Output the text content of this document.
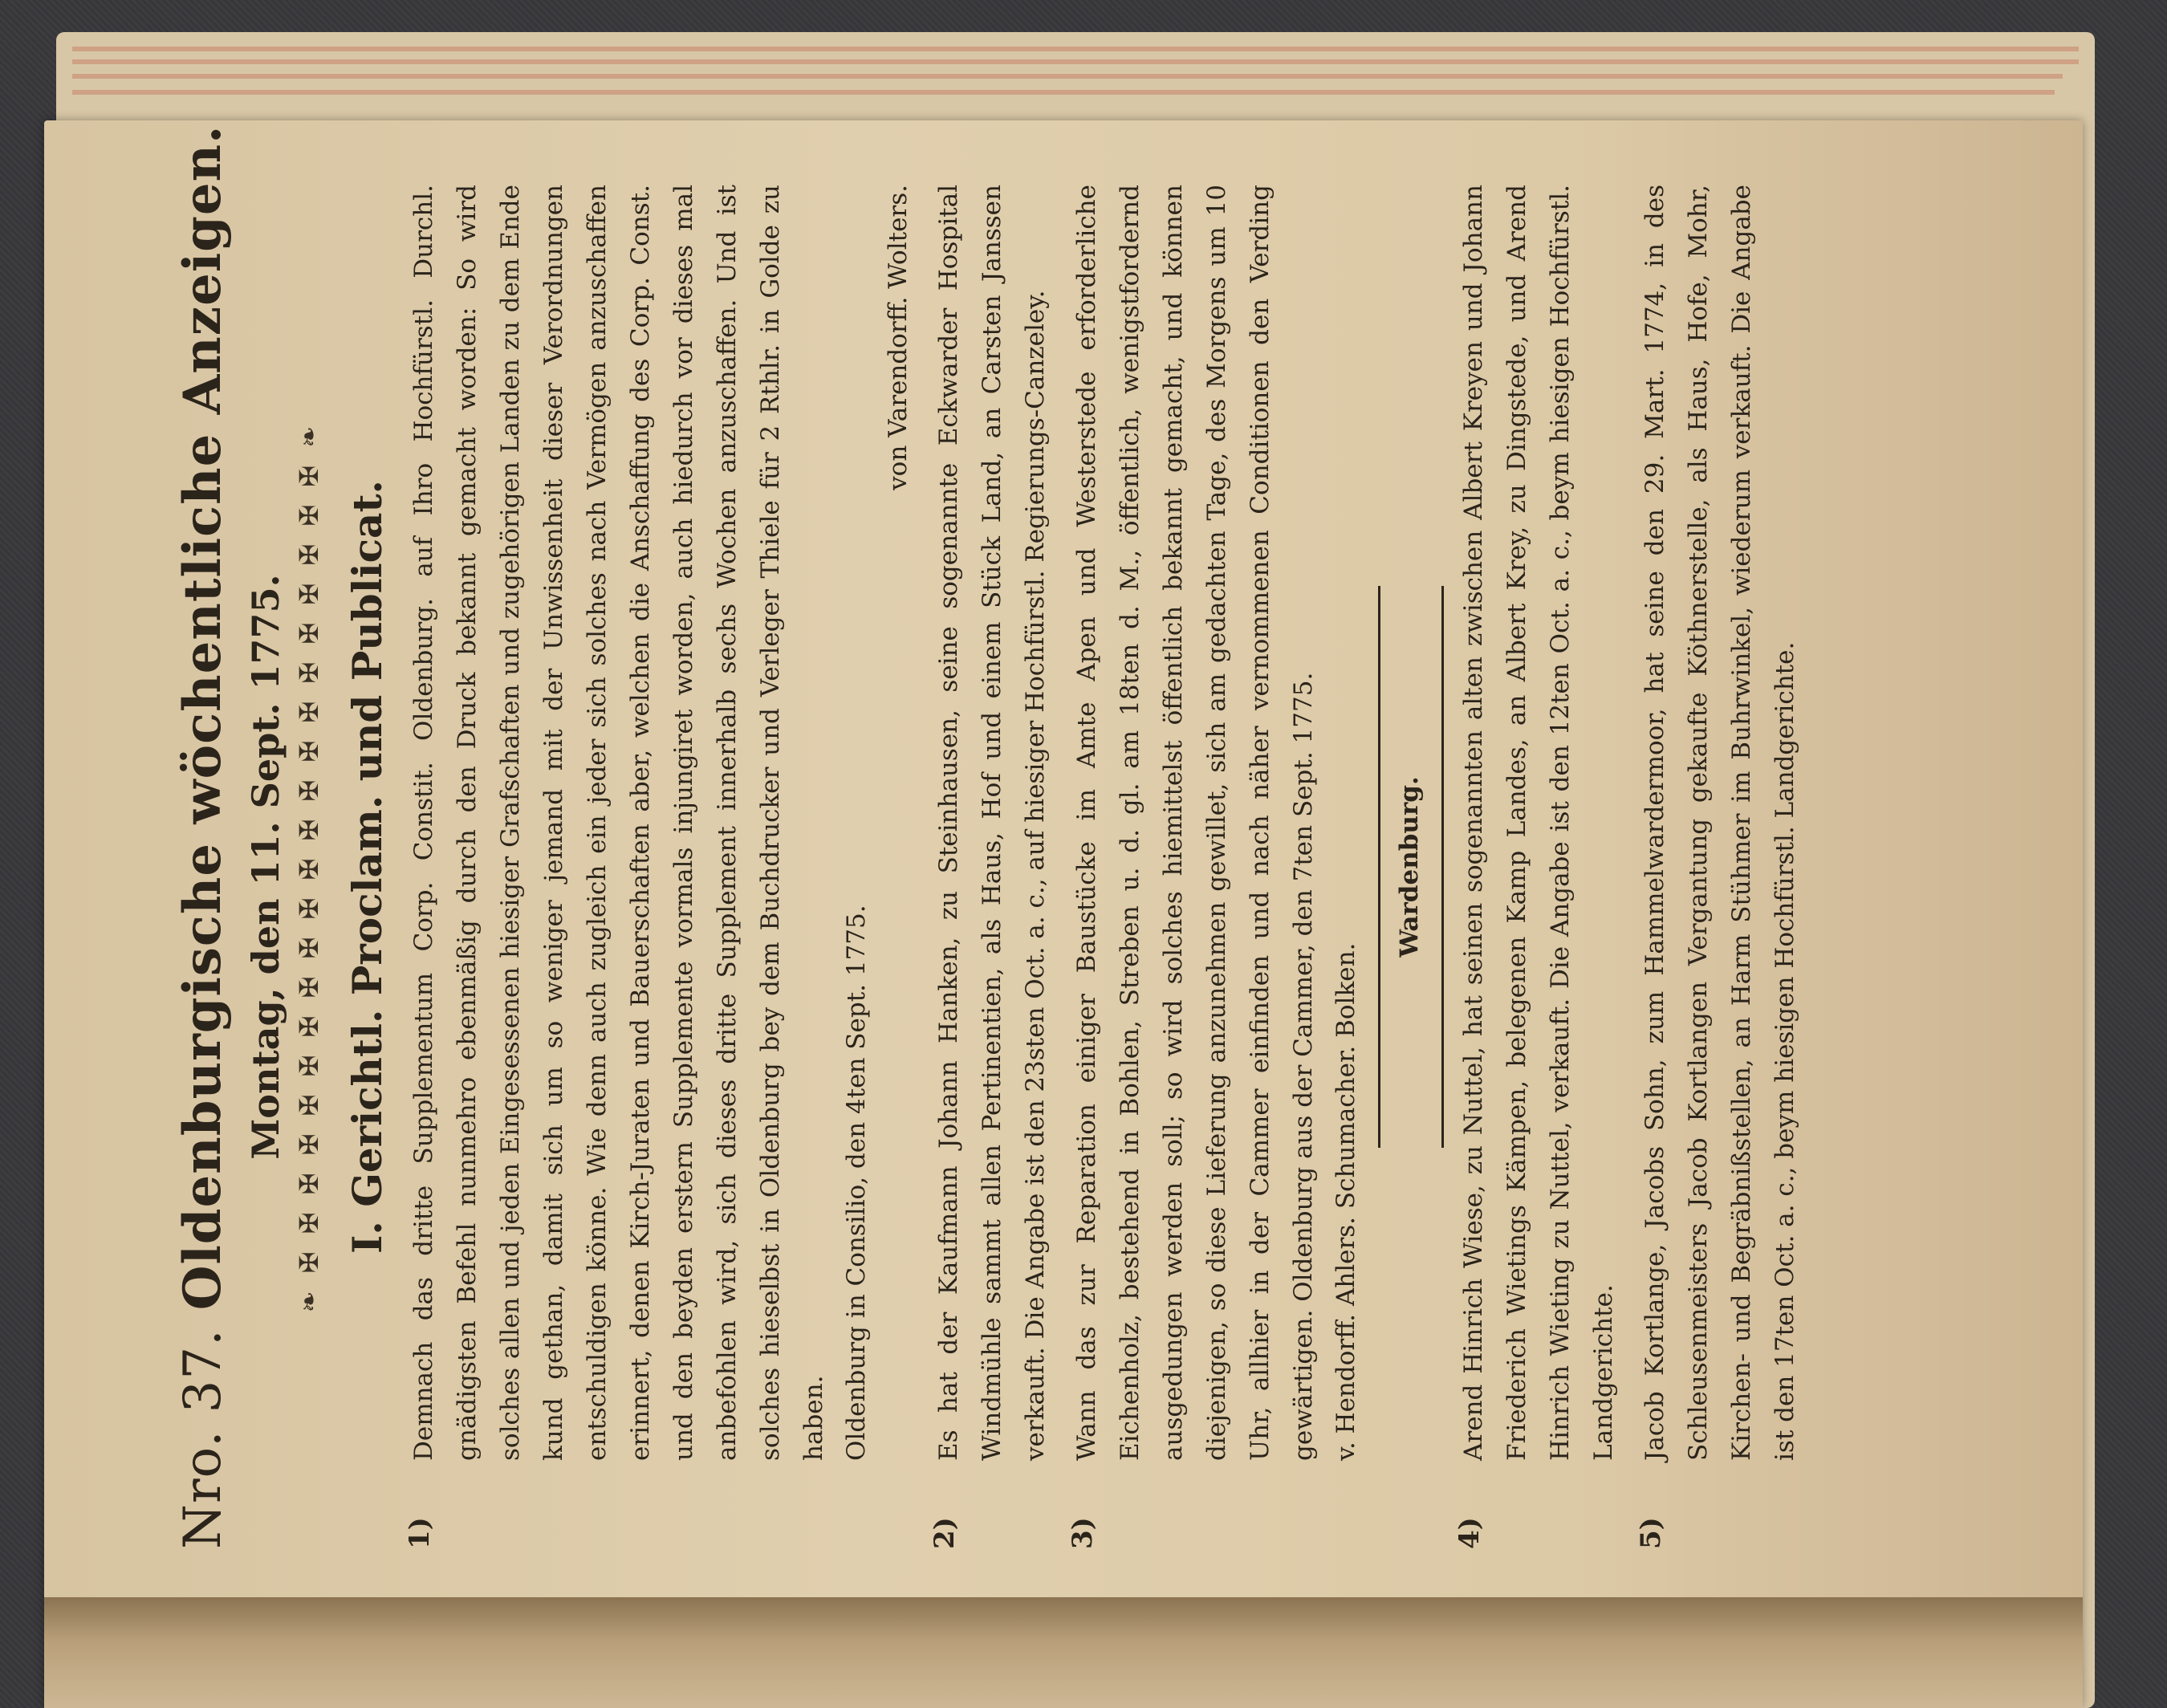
Nro. 37. Oldenburgische wöchentliche Anzeigen. Montag, den 11. Sept. 1775. ❧ ✠ ✠ ✠ ✠ ✠ ✠ ✠ ✠ ✠ ✠ ✠ ✠ ✠ ✠ ✠ ✠ ✠ ✠ ✠ ✠ ✠ ❧ I. Gerichtl. Proclam. und Publicat.
1)
Demnach das dritte Supplementum Corp. Constit. Oldenburg. auf Ihro Hochfürstl. Durchl. gnädigsten Befehl nunmehro ebenmäßig durch den Druck bekannt gemacht worden: So wird solches allen und jeden Eingesessenen hiesiger Grafschaften und zugehörigen Landen zu dem Ende kund gethan, damit sich um so weniger jemand mit der Unwissenheit dieser Verordnungen entschuldigen könne. Wie denn auch zugleich ein jeder sich solches nach Vermögen anzuschaffen erinnert, denen Kirch-Juraten und Bauerschaften aber, welchen die Anschaffung des Corp. Const. und den beyden erstern Supplemente vormals injungiret worden, auch hiedurch vor dieses mal anbefohlen wird, sich dieses dritte Supplement innerhalb sechs Wochen anzuschaffen. Und ist solches hieselbst in Oldenburg bey dem Buchdrucker und Verleger Thiele für 2 Rthlr. in Golde zu haben. Oldenburg in Consilio, den 4ten Sept. 1775.
von Varendorff. Wolters.
2)
Es hat der Kaufmann Johann Hanken, zu Steinhausen, seine sogenannte Eckwarder Hospital Windmühle sammt allen Pertinentien, als Haus, Hof und einem Stück Land, an Carsten Janssen verkauft. Die Angabe ist den 23sten Oct. a. c., auf hiesiger Hochfürstl. Regierungs-Canzeley.
3)
Wann das zur Reparation einiger Baustücke im Amte Apen und Westerstede erforderliche Eichenholz, bestehend in Bohlen, Streben u. d. gl. am 18ten d. M., öffentlich, wenigstfordernd ausgedungen werden soll; so wird solches hiemittelst öffentlich bekannt gemacht, und können diejenigen, so diese Lieferung anzunehmen gewillet, sich am gedachten Tage, des Morgens um 10 Uhr, allhier in der Cammer einfinden und nach näher vernommenen Conditionen den Verding gewärtigen. Oldenburg aus der Cammer, den 7ten Sept. 1775. v. Hendorff. Ahlers. Schumacher. Bolken.
Wardenburg.
4)
Arend Hinrich Wiese, zu Nuttel, hat seinen sogenannten alten zwischen Albert Kreyen und Johann Friederich Wietings Kämpen, belegenen Kamp Landes, an Albert Krey, zu Dingstede, und Arend Hinrich Wieting zu Nuttel, verkauft. Die Angabe ist den 12ten Oct. a. c., beym hiesigen Hochfürstl. Landgerichte.
5)
Jacob Kortlange, Jacobs Sohn, zum Hammelwardermoor, hat seine den 29. Mart. 1774, in des Schleusenmeisters Jacob Kortlangen Vergantung gekaufte Köthnerstelle, als Haus, Hofe, Mohr, Kirchen- und Begräbnißstellen, an Harm Stühmer im Buhrwinkel, wiederum verkauft. Die Angabe ist den 17ten Oct. a. c., beym hiesigen Hochfürstl. Landgerichte.
